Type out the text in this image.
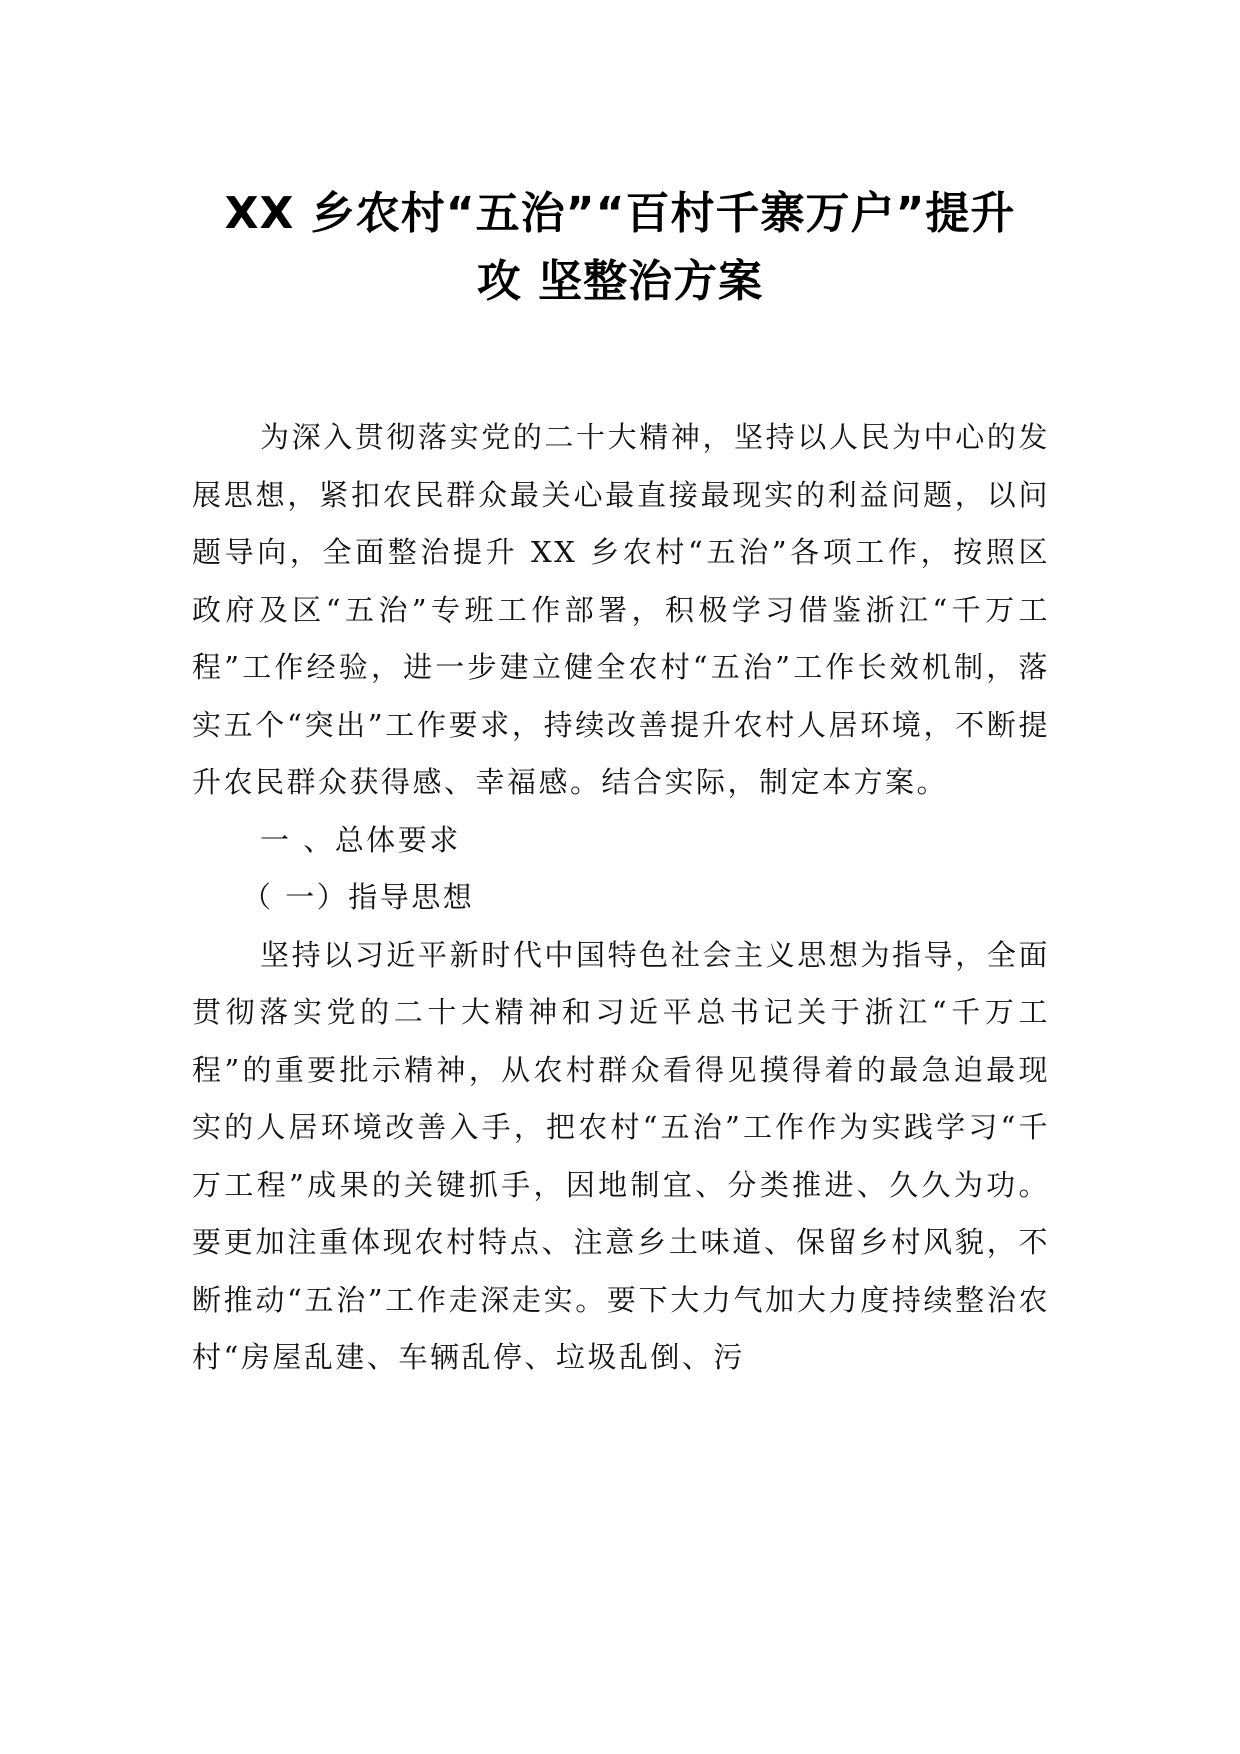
XX 乡农村“五治”“百村千寨万户”提升
攻 坚整治方案

为深入贯彻落实党的二十大精神，坚持以人民为中心的发展思想，紧扣农民群众最关心最直接最现实的利益问题，以问题导向，全面整治提升 XX 乡农村“五治”各项工作，按照区政府及区“五治”专班工作部署，积极学习借鉴浙江“千万工程”工作经验，进一步建立健全农村“五治”工作长效机制，落实五个“突出”工作要求，持续改善提升农村人居环境，不断提升农民群众获得感、幸福感。结合实际，制定本方案。

一 、总体要求

（ 一）指导思想

坚持以习近平新时代中国特色社会主义思想为指导，全面贯彻落实党的二十大精神和习近平总书记关于浙江“千万工程”的重要批示精神，从农村群众看得见摸得着的最急迫最现实的人居环境改善入手，把农村“五治”工作作为实践学习“千万工程”成果的关键抓手，因地制宜、分类推进、久久为功。要更加注重体现农村特点、注意乡土味道、保留乡村风貌，不断推动“五治”工作走深走实。要下大力气加大力度持续整治农村“房屋乱建、车辆乱停、垃圾乱倒、污
